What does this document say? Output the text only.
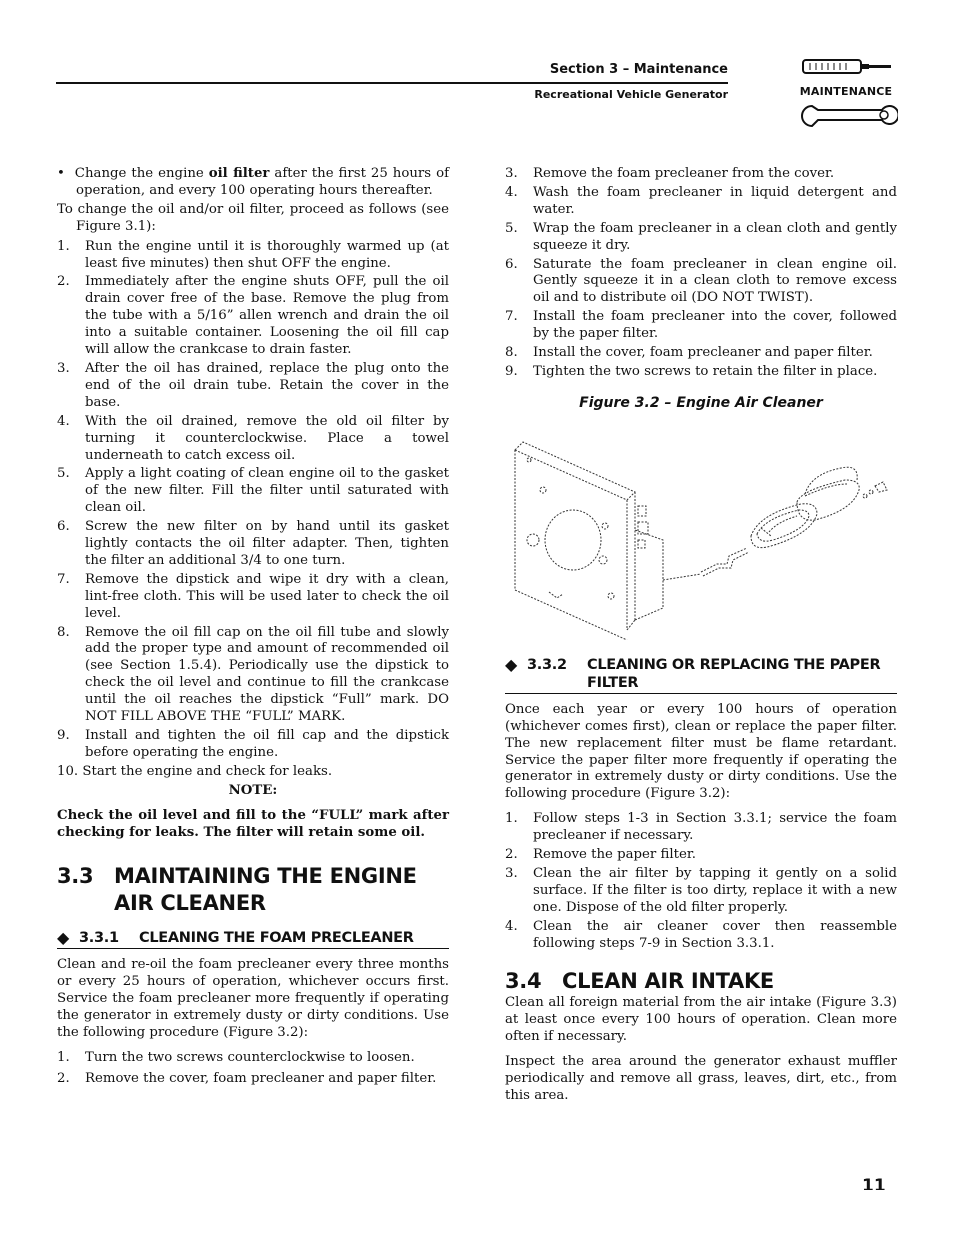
Section 3 – Maintenance
Recreational Vehicle Generator	MAINTENANCE

•  Change the engine oil filter after the first 25 hours of operation, and every 100 operating hours thereafter.

To change the oil and/or oil filter, proceed as follows (see Figure 3.1):

1. Run the engine until it is thoroughly warmed up (at least five minutes) then shut OFF the engine.
2. Immediately after the engine shuts OFF, pull the oil drain cover free of the base. Remove the plug from the tube with a 5/16” allen wrench and drain the oil into a suitable container. Loosening the oil fill cap will allow the crankcase to drain faster.
3. After the oil has drained, replace the plug onto the end of the oil drain tube. Retain the cover in the base.
4. With the oil drained, remove the old oil filter by turning it counterclockwise. Place a towel underneath to catch excess oil.
5. Apply a light coating of clean engine oil to the gasket of the new filter. Fill the filter until saturated with clean oil.
6. Screw the new filter on by hand until its gasket lightly contacts the oil filter adapter. Then, tighten the filter an additional 3/4 to one turn.
7. Remove the dipstick and wipe it dry with a clean, lint-free cloth. This will be used later to check the oil level.
8. Remove the oil fill cap on the oil fill tube and slowly add the proper type and amount of recommended oil (see Section 1.5.4). Periodically use the dipstick to check the oil level and continue to fill the crankcase until the oil reaches the dipstick “Full” mark. DO NOT FILL ABOVE THE “FULL” MARK.
9. Install and tighten the oil fill cap and the dipstick before operating the engine.

10. Start the engine and check for leaks.

NOTE:

Check the oil level and fill to the “FULL” mark after checking for leaks. The filter will retain some oil.

3.3 MAINTAINING THE ENGINE AIR CLEANER
◆ 3.3.1	CLEANING THE FOAM PRECLEANER

Clean and re-oil the foam precleaner every three months or every 25 hours of operation, whichever occurs first. Service the foam precleaner more frequently if operating the generator in extremely dusty or dirty conditions. Use the following procedure (Figure 3.2):

1. Turn the two screws counterclockwise to loosen.
2. Remove the cover, foam precleaner and paper filter.
3. Remove the foam precleaner from the cover.
4. Wash the foam precleaner in liquid detergent and water.
5. Wrap the foam precleaner in a clean cloth and gently squeeze it dry.
6. Saturate the foam precleaner in clean engine oil. Gently squeeze it in a clean cloth to remove excess oil and to distribute oil (DO NOT TWIST).
7. Install the foam precleaner into the cover, followed by the paper filter.
8. Install the cover, foam precleaner and paper filter.
9. Tighten the two screws to retain the filter in place.

Figure 3.2 – Engine Air Cleaner

◆ 3.3.2	CLEANING OR REPLACING THE PAPER FILTER

Once each year or every 100 hours of operation (whichever comes first), clean or replace the paper filter. The new replacement filter must be flame retardant. Service the paper filter more frequently if operating the generator in extremely dusty or dirty conditions. Use the following procedure (Figure 3.2):

1. Follow steps 1-3 in Section 3.3.1; service the foam precleaner if necessary.
2. Remove the paper filter.
3. Clean the air filter by tapping it gently on a solid surface. If the filter is too dirty, replace it with a new one. Dispose of the old filter properly.
4. Clean the air cleaner cover then reassemble following steps 7-9 in Section 3.3.1.
3.4 CLEAN AIR INTAKE

Clean all foreign material from the air intake (Figure 3.3) at least once every 100 hours of operation. Clean more often if necessary.

Inspect the area around the generator exhaust muffler periodically and remove all grass, leaves, dirt, etc., from this area.

11
